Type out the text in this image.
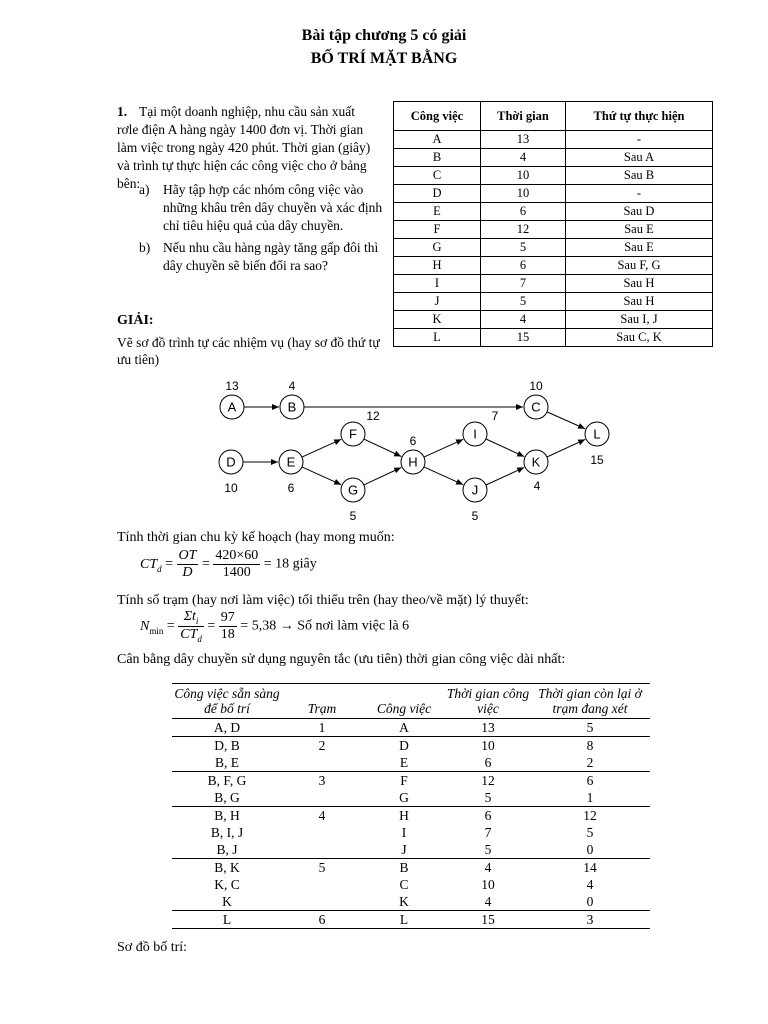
Bài tập chương 5 có giải
BỐ TRÍ MẶT BẰNG
1. Tại một doanh nghiệp, nhu cầu sản xuất rơle điện A hàng ngày 1400 đơn vị. Thời gian làm việc trong ngày 420 phút. Thời gian (giây) và trình tự thực hiện các công việc cho ở bảng bên:
a) Hãy tập hợp các nhóm công việc vào những khâu trên dây chuyền và xác định chỉ tiêu hiệu quả của dây chuyền.
b) Nếu nhu cầu hàng ngày tăng gấp đôi thì dây chuyền sẽ biến đổi ra sao?
Công việc	Thời gian	Thứ tự thực hiện
A	13	-
B	4	Sau A
C	10	Sau B
D	10	-
E	6	Sau D
F	12	Sau E
G	5	Sau E
H	6	Sau F, G
I	7	Sau H
J	5	Sau H
K	4	Sau I, J
L	15	Sau C, K
GIẢI:
Vẽ sơ đồ trình tự các nhiệm vụ (hay sơ đồ thứ tự ưu tiên)
A
13
B
4
C
10
D
10
E
6
F
12
G
5
H
6	I
7
J
5
K
4
L
15
Tính thời gian chu kỳ kế hoạch (hay mong muốn:
$CT_d = \frac{OT}{D} = \frac{420\times 60}{1400} = 18$ giây
Tính số trạm (hay nơi làm việc) tối thiểu trên (hay theo/về mặt) lý thuyết:
$N_{min} = \frac{\Sigma t_i}{CT_d} = \frac{97}{18} = 5,38$ → Số nơi làm việc là 6
Cân bằng dây chuyền sử dụng nguyên tắc (ưu tiên) thời gian công việc dài nhất:
Công việc sẵn sàng để bố trí	Trạm	Công việc	Thời gian công việc	Thời gian còn lại ở trạm đang xét
A, D	1	A	13	5
D, B	2	D	10	8
B, E		E	6	2
B, F, G	3	F	12	6
B, G		G	5	1
B, H	4	H	6	12
B, I, J		I	7	5
B, J		J	5	0
B, K	5	B	4	14
K, C		C	10	4
K		K	4	0
L	6	L	15	3
Sơ đồ bố trí:
